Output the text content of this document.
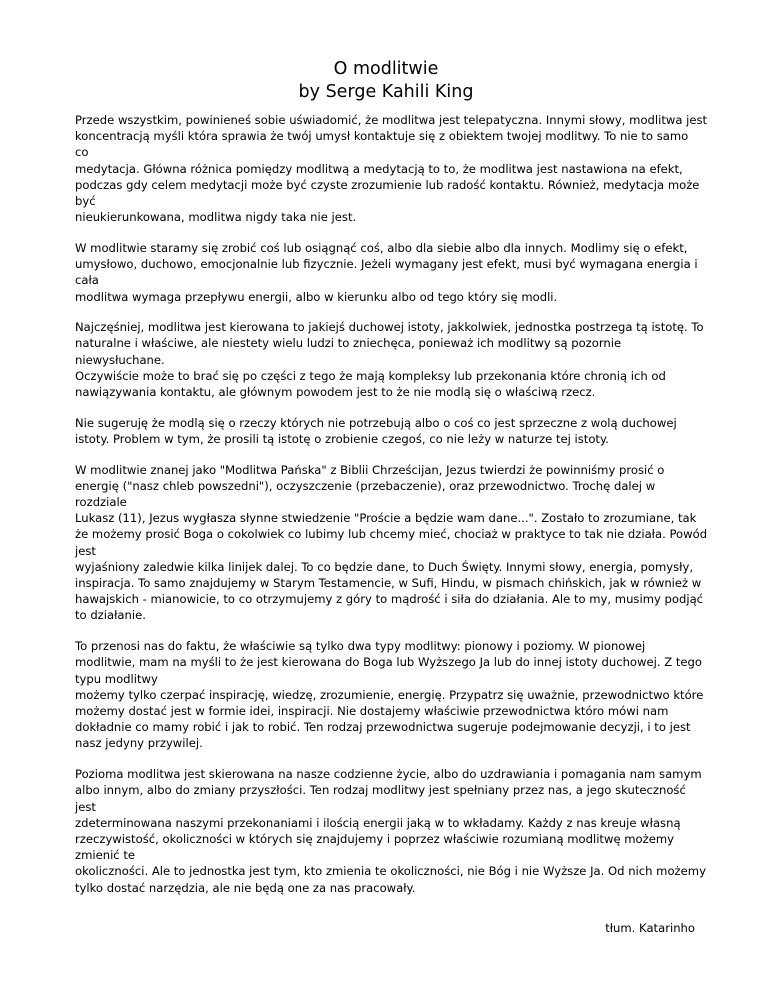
O modlitwie
by Serge Kahili King
Przede wszystkim, powinieneś sobie uświadomić, że modlitwa jest telepatyczna. Innymi słowy, modlitwa jest
koncentracją myśli która sprawia że twój umysł kontaktuje się z obiektem twojej modlitwy. To nie to samo
co
medytacja. Główna różnica pomiędzy modlitwą a medytacją to to, że modlitwa jest nastawiona na efekt,
podczas gdy celem medytacji może być czyste zrozumienie lub radość kontaktu. Również, medytacja może
być
nieukierunkowana, modlitwa nigdy taka nie jest.
W modlitwie staramy się zrobić coś lub osiągnąć coś, albo dla siebie albo dla innych. Modlimy się o efekt,
umysłowo, duchowo, emocjonalnie lub fizycznie. Jeżeli wymagany jest efekt, musi być wymagana energia i
cała
modlitwa wymaga przepływu energii, albo w kierunku albo od tego który się modli.
Najczęśniej, modlitwa jest kierowana to jakiejś duchowej istoty, jakkolwiek, jednostka postrzega tą istotę. To
naturalne i właściwe, ale niestety wielu ludzi to zniechęca, ponieważ ich modlitwy są pozornie
niewysłuchane.
Oczywiście może to brać się po części z tego że mają kompleksy lub przekonania które chronią ich od
nawiązywania kontaktu, ale głównym powodem jest to że nie modlą się o właściwą rzecz.
Nie sugeruję że modlą się o rzeczy których nie potrzebują albo o coś co jest sprzeczne z wolą duchowej
istoty. Problem w tym, że prosili tą istotę o zrobienie czegoś, co nie leży w naturze tej istoty.
W modlitwie znanej jako "Modlitwa Pańska" z Biblii Chrześcijan, Jezus twierdzi że powinniśmy prosić o
energię ("nasz chleb powszedni"), oczyszczenie (przebaczenie), oraz przewodnictwo. Trochę dalej w
rozdziale
Lukasz (11), Jezus wygłasza słynne stwiedzenie "Proście a będzie wam dane...". Zostało to zrozumiane, tak
że możemy prosić Boga o cokolwiek co lubimy lub chcemy mieć, chociaż w praktyce to tak nie działa. Powód
jest
wyjaśniony zaledwie kilka linijek dalej. To co będzie dane, to Duch Święty. Innymi słowy, energia, pomysły,
inspiracja. To samo znajdujemy w Starym Testamencie, w Sufi, Hindu, w pismach chińskich, jak w również w
hawajskich - mianowicie, to co otrzymujemy z góry to mądrość i siła do działania. Ale to my, musimy podjąć
to działanie.
To przenosi nas do faktu, że właściwie są tylko dwa typy modlitwy: pionowy i poziomy. W pionowej
modlitwie, mam na myśli to że jest kierowana do Boga lub Wyższego Ja lub do innej istoty duchowej. Z tego
typu modlitwy
możemy tylko czerpać inspirację, wiedzę, zrozumienie, energię. Przypatrz się uważnie, przewodnictwo które
możemy dostać jest w formie idei, inspiracji. Nie dostajemy właściwie przewodnictwa któro mówi nam
dokładnie co mamy robić i jak to robić. Ten rodzaj przewodnictwa sugeruje podejmowanie decyzji, i to jest
nasz jedyny przywilej.
Pozioma modlitwa jest skierowana na nasze codzienne życie, albo do uzdrawiania i pomagania nam samym
albo innym, albo do zmiany przyszłości. Ten rodzaj modlitwy jest spełniany przez nas, a jego skuteczność
jest
zdeterminowana naszymi przekonaniami i ilością energii jaką w to wkładamy. Każdy z nas kreuje własną
rzeczywistość, okoliczności w których się znajdujemy i poprzez właściwie rozumianą modlitwę możemy
zmienić te
okoliczności. Ale to jednostka jest tym, kto zmienia te okoliczności, nie Bóg i nie Wyższe Ja. Od nich możemy
tylko dostać narzędzia, ale nie będą one za nas pracowały.
tłum. Katarinho
